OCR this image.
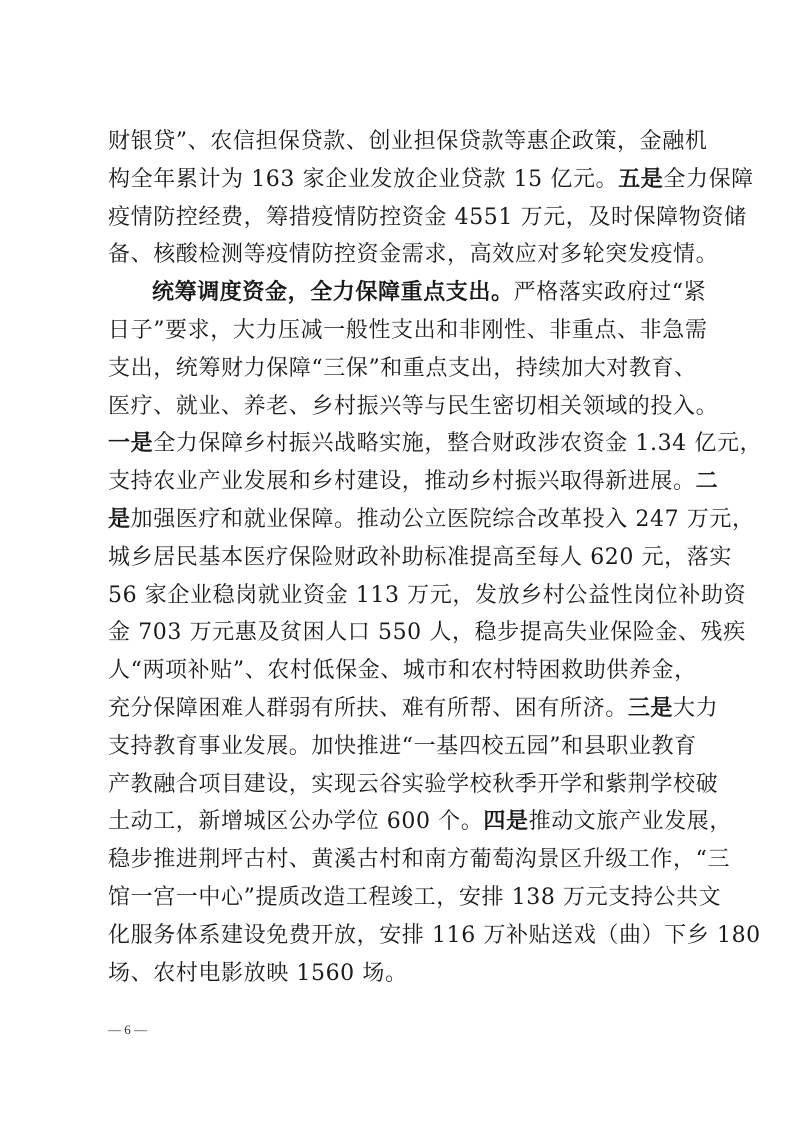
财银贷”、农信担保贷款、创业担保贷款等惠企政策，金融机
构全年累计为 163 家企业发放企业贷款 15 亿元。五是全力保障
疫情防控经费，筹措疫情防控资金 4551 万元，及时保障物资储
备、核酸检测等疫情防控资金需求，高效应对多轮突发疫情。
统筹调度资金，全力保障重点支出。严格落实政府过“紧
日子”要求，大力压减一般性支出和非刚性、非重点、非急需
支出，统筹财力保障“三保”和重点支出，持续加大对教育、
医疗、就业、养老、乡村振兴等与民生密切相关领域的投入。
一是全力保障乡村振兴战略实施，整合财政涉农资金 1.34 亿元，
支持农业产业发展和乡村建设，推动乡村振兴取得新进展。二
是加强医疗和就业保障。推动公立医院综合改革投入 247 万元，
城乡居民基本医疗保险财政补助标准提高至每人 620 元，落实
56 家企业稳岗就业资金 113 万元，发放乡村公益性岗位补助资
金 703 万元惠及贫困人口 550 人，稳步提高失业保险金、残疾
人“两项补贴”、农村低保金、城市和农村特困救助供养金，
充分保障困难人群弱有所扶、难有所帮、困有所济。三是大力
支持教育事业发展。加快推进“一基四校五园”和县职业教育
产教融合项目建设，实现云谷实验学校秋季开学和紫荆学校破
土动工，新增城区公办学位 600 个。四是推动文旅产业发展，
稳步推进荆坪古村、黄溪古村和南方葡萄沟景区升级工作，“三
馆一宫一中心”提质改造工程竣工，安排 138 万元支持公共文
化服务体系建设免费开放，安排 116 万补贴送戏（曲）下乡 180
场、农村电影放映 1560 场。
— 6 —
